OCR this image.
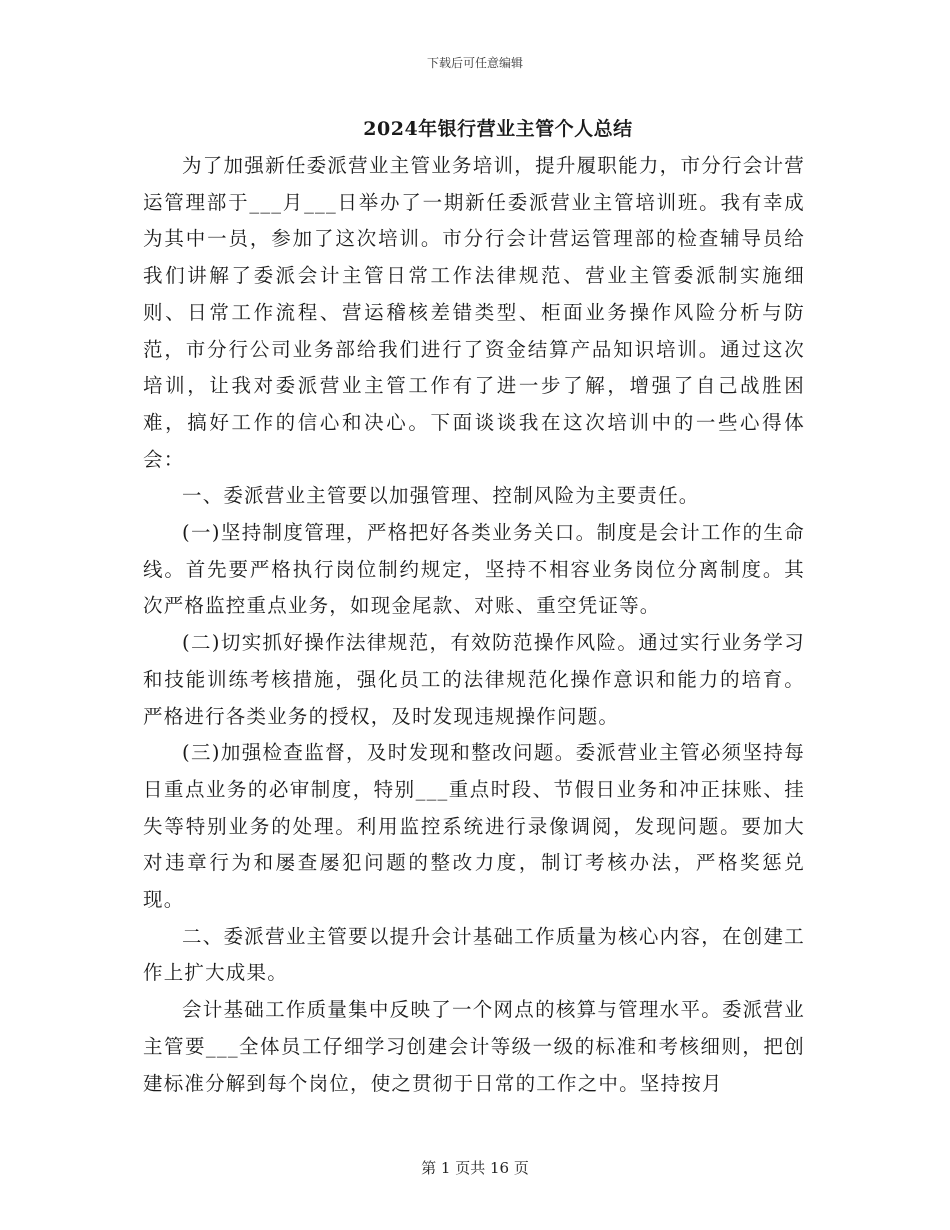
下载后可任意编辑
2024年银行营业主管个人总结

为了加强新任委派营业主管业务培训，提升履职能力，市分行会计营运管理部于___月___日举办了一期新任委派营业主管培训班。我有幸成为其中一员，参加了这次培训。市分行会计营运管理部的检查辅导员给我们讲解了委派会计主管日常工作法律规范、营业主管委派制实施细则、日常工作流程、营运稽核差错类型、柜面业务操作风险分析与防范，市分行公司业务部给我们进行了资金结算产品知识培训。通过这次培训，让我对委派营业主管工作有了进一步了解，增强了自己战胜困难，搞好工作的信心和决心。下面谈谈我在这次培训中的一些心得体会：

一、委派营业主管要以加强管理、控制风险为主要责任。

(一)坚持制度管理，严格把好各类业务关口。制度是会计工作的生命线。首先要严格执行岗位制约规定，坚持不相容业务岗位分离制度。其次严格监控重点业务，如现金尾款、对账、重空凭证等。

(二)切实抓好操作法律规范，有效防范操作风险。通过实行业务学习和技能训练考核措施，强化员工的法律规范化操作意识和能力的培育。严格进行各类业务的授权，及时发现违规操作问题。

(三)加强检查监督，及时发现和整改问题。委派营业主管必须坚持每日重点业务的必审制度，特别___重点时段、节假日业务和冲正抹账、挂失等特别业务的处理。利用监控系统进行录像调阅，发现问题。要加大对违章行为和屡查屡犯问题的整改力度，制订考核办法，严格奖惩兑现。

二、委派营业主管要以提升会计基础工作质量为核心内容，在创建工作上扩大成果。

会计基础工作质量集中反映了一个网点的核算与管理水平。委派营业主管要___全体员工仔细学习创建会计等级一级的标准和考核细则，把创建标准分解到每个岗位，使之贯彻于日常的工作之中。坚持按月

第 1 页共 16 页
